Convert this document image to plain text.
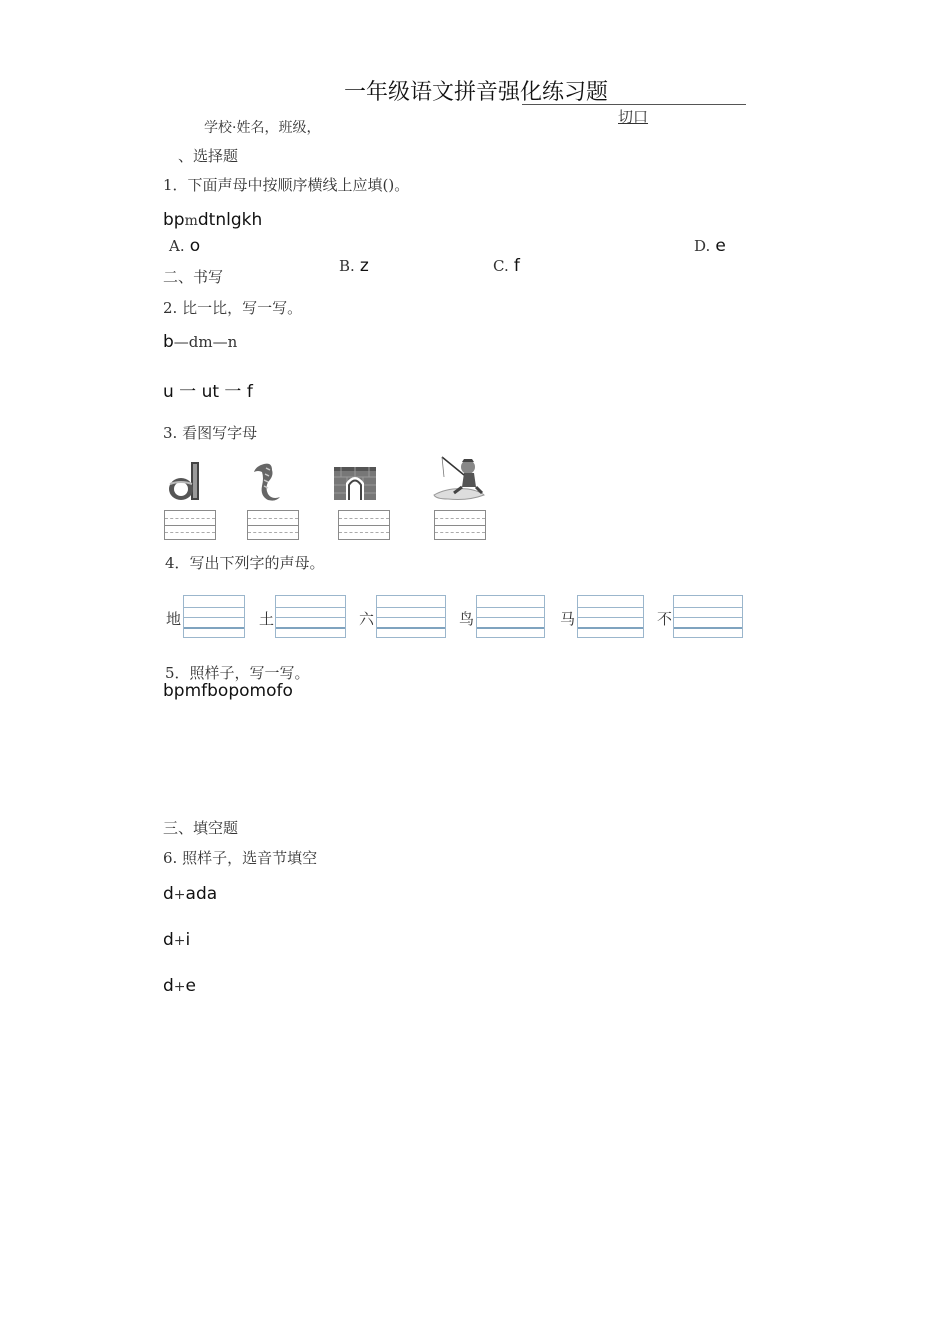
一年级语文拼音强化练习题
切口
学校·姓名，班级，
、选择题
1．下面声母中按顺序横线上应填()。
bpmdtnlgkh
A. o
B. z	C. f
D. e
二、书写
2. 比一比，写一写。
b—dm—n
u 一 ut 一 f
3. 看图写字母
4．写出下列字的声母。
地	土	六	鸟	马	不
5．照样子，写一写。
bpmfbopomofo
三、填空题
6. 照样子，选音节填空
d+ada
d+i
d+e
